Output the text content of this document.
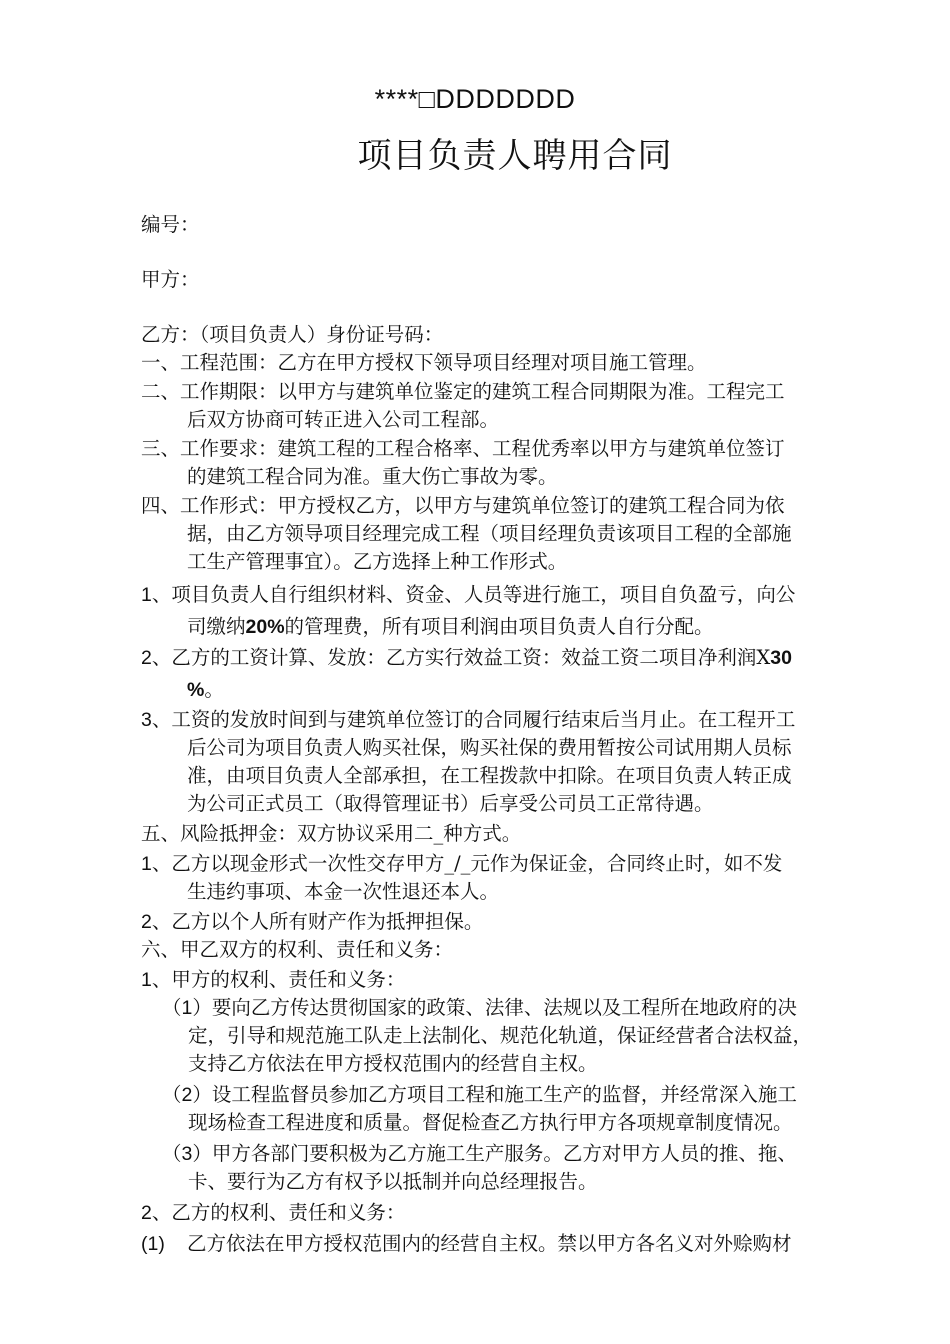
****□DDDDDDD
项目负责人聘用合同
编号：
甲方：
乙方：（项目负责人）身份证号码：
一、工程范围：乙方在甲方授权下领导项目经理对项目施工管理。
二、工作期限：以甲方与建筑单位鉴定的建筑工程合同期限为准。工程完工
后双方协商可转正进入公司工程部。
三、工作要求：建筑工程的工程合格率、工程优秀率以甲方与建筑单位签订
的建筑工程合同为准。重大伤亡事故为零。
四、工作形式：甲方授权乙方，以甲方与建筑单位签订的建筑工程合同为依
据，由乙方领导项目经理完成工程（项目经理负责该项目工程的全部施
工生产管理事宜）。乙方选择上种工作形式。
1、项目负责人自行组织材料、资金、人员等进行施工，项目自负盈亏，向公
司缴纳20%的管理费，所有项目利润由项目负责人自行分配。
2、乙方的工资计算、发放：乙方实行效益工资：效益工资二项目净利润X30
%。
3、工资的发放时间到与建筑单位签订的合同履行结束后当月止。在工程开工
后公司为项目负责人购买社保，购买社保的费用暂按公司试用期人员标
准，由项目负责人全部承担，在工程拨款中扣除。在项目负责人转正成
为公司正式员工（取得管理证书）后享受公司员工正常待遇。
五、风险抵押金：双方协议采用二_种方式。
1、乙方以现金形式一次性交存甲方_/_元作为保证金，合同终止时，如不发
生违约事项、本金一次性退还本人。
2、乙方以个人所有财产作为抵押担保。
六、甲乙双方的权利、责任和义务：
1、甲方的权利、责任和义务：
（1）要向乙方传达贯彻国家的政策、法律、法规以及工程所在地政府的决
定，引导和规范施工队走上法制化、规范化轨道，保证经营者合法权益，
支持乙方依法在甲方授权范围内的经营自主权。
（2）设工程监督员参加乙方项目工程和施工生产的监督，并经常深入施工
现场检查工程进度和质量。督促检查乙方执行甲方各项规章制度情况。
（3）甲方各部门要积极为乙方施工生产服务。乙方对甲方人员的推、拖、
卡、要行为乙方有权予以抵制并向总经理报告。
2、乙方的权利、责任和义务：
(1) 乙方依法在甲方授权范围内的经营自主权。禁以甲方各名义对外赊购材
